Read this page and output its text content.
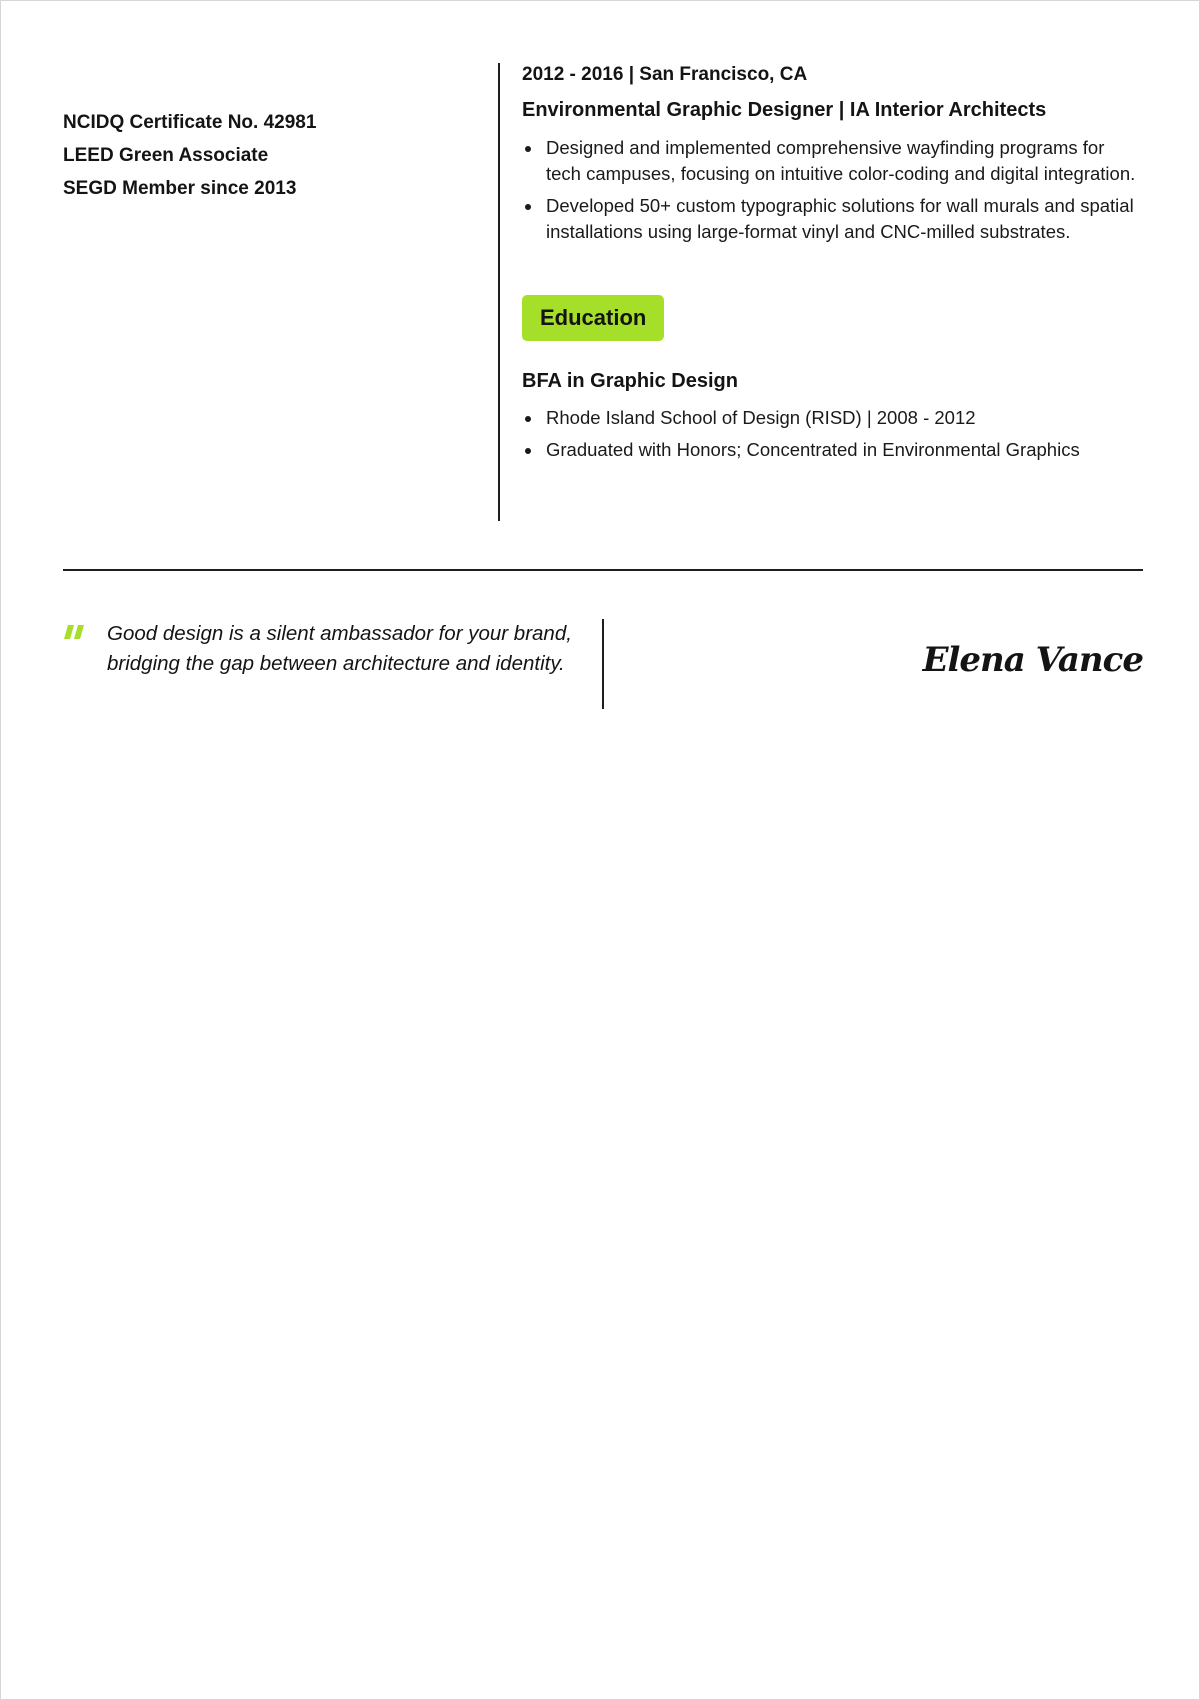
NCIDQ Certificate No. 42981
LEED Green Associate
SEGD Member since 2013
2012 - 2016 | San Francisco, CA
Environmental Graphic Designer | IA Interior Architects
Designed and implemented comprehensive wayfinding programs for tech campuses, focusing on intuitive color-coding and digital integration.
Developed 50+ custom typographic solutions for wall murals and spatial installations using large-format vinyl and CNC-milled substrates.
Education
BFA in Graphic Design
Rhode Island School of Design (RISD) | 2008 - 2012
Graduated with Honors; Concentrated in Environmental Graphics
Good design is a silent ambassador for your brand, bridging the gap between architecture and identity.	Elena Vance
